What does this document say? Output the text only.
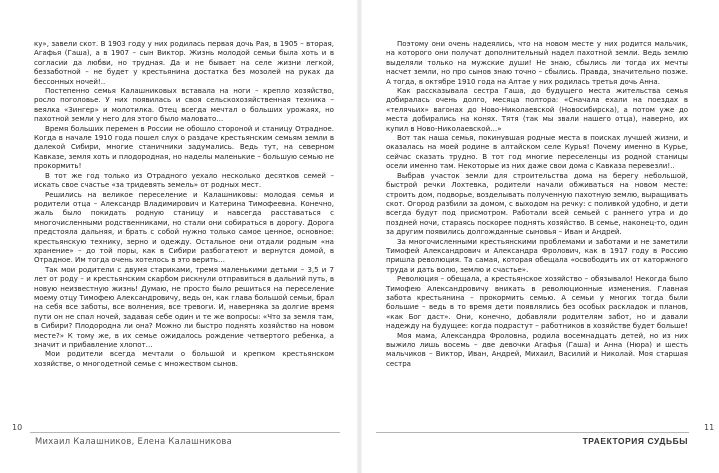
ку», завели скот. В 1903 году у них родилась первая дочь Рая, в 1905 – вторая, Агафья (Гаша), а в 1907 – сын Виктор. Жизнь молодой семьи была хоть и в согласии да любви, но трудная. Да и не бывает на селе жизни легкой, беззаботной – не будет у крестьянина достатка без мозолей на руках да бессонных ночей!..

Постепенно семья Калашниковых вставала на ноги – крепло хозяйство, росло поголовье. У них появилась и своя сельскохозяйственная техника – веялка «Зингер» и молотилка. Отец всегда мечтал о больших урожаях, но пахотной земли у него для этого было маловато…

Время больших перемен в России не обошло стороной и станицу Отрадное. Когда в начале 1910 года пошел слух о раздаче крестьянским семьям земли в далекой Сибири, многие станичники задумались. Ведь тут, на северном Кавказе, земля хоть и плодородная, но наделы маленькие – большую семью не прокормить!

В тот же год только из Отрадного уехало несколько десятков семей – искать свое счастье «за тридевять земель» от родных мест.

Решились на великое переселение и Калашниковы: молодая семья и родители отца – Александр Владимирович и Катерина Тимофеевна. Конечно, жаль было покидать родную станицу и навсегда расставаться с многочисленными родственниками, но стали они собираться в дорогу. Дорога предстояла дальняя, и брать с собой нужно только самое ценное, основное: крестьянскую технику, зерно и одежду. Остальное они отдали родным «на хранение» – до той поры, как в Сибири разбогатеют и вернутся домой, в Отрадное. Им тогда очень хотелось в это верить…

Так мои родители с двумя стариками, тремя маленькими детьми – 3,5 и 7 лет от роду – и крестьянским скарбом рискнули отправиться в дальний путь, в новую неизвестную жизнь! Думаю, не просто было решиться на переселение моему отцу Тимофею Александровичу, ведь он, как глава большой семьи, брал на себя все заботы, все волнения, все тревоги. И, наверняка за долгие время пути он не спал ночей, задавая себе один и те же вопросы: «Что за земля там, в Сибири? Плодородна ли она? Можно ли быстро поднять хозяйство на новом месте?» К тому же, в их семье ожидалось рождение четвертого ребенка, а значит и прибавление хлопот…

Мои родители всегда мечтали о большой и крепком крестьянском хозяйстве, о многодетной семье с множеством сынов.

10
Михаил Калашников, Елена Калашникова

Поэтому они очень надеялись, что на новом месте у них родится мальчик, на которого они получат дополнительный надел пахотной земли. Ведь землю выделяли только на мужские души! Не знаю, сбылись ли тогда их мечты насчет земли, но про сынов знаю точно – сбылись. Правда, значительно позже. А тогда, в октябре 1910 года на Алтае у них родилась третья дочь Анна.

Как рассказывала сестра Гаша, до будущего места жительства семья добиралась очень долго, месяца полтора: «Сначала ехали на поездах в «телячьих» вагонах до Ново-Николаевской (Новосибирска), а потом уже до места добирались на конях. Тятя (так мы звали нашего отца), наверно, их купил в Ново-Николаевской…»

Вот так наша семья, покинувшая родные места в поисках лучшей жизни, и оказалась на моей родине в алтайском селе Курья! Почему именно в Курье, сейчас сказать трудно. В тот год многие переселенцы из родной станицы осели именно там. Некоторые из них даже свои дома с Кавказа перевезли!..

Выбрав участок земли для строительства дома на берегу небольшой, быстрой речки Лохтевка, родители начали обживаться на новом месте: строить дом, подворье, возделывать полученную пахотную землю, выращивать скот. Огород разбили за домом, с выходом на речку: с поливкой удобно, и дети всегда будут под присмотром. Работали всей семьей с раннего утра и до поздней ночи, стараясь поскорее поднять хозяйство. В семье, наконец-то, один за другим появились долгожданные сыновья – Иван и Андрей.

За многочисленными крестьянскими проблемами и заботами и не заметили Тимофей Александрович и Александра Фролович, как в 1917 году в Россию пришла революция. Та самая, которая обещала «освободить их от каторжного труда и дать волю, землю и счастье».

Революция – обещала, а крестьянское хозяйство – обязывало! Некогда было Тимофею Александровичу вникать в революционные изменения. Главная забота крестьянина – прокормить семью. А семьи у многих тогда были большие – ведь в то время дети появлялись без особых раскладок и планов, «как Бог даст». Они, конечно, добавляли родителям забот, но и давали надежду на будущее: когда подрастут – работников в хозяйстве будет больше!

Моя мама, Александра Фроловна, родила восемнадцать детей, но из них выжило лишь восемь – две девочки Агафья (Гаша) и Анна (Нюра) и шесть мальчиков – Виктор, Иван, Андрей, Михаил, Василий и Николай. Моя старшая сестра

11
ТРАЕКТОРИЯ СУДЬБЫ
